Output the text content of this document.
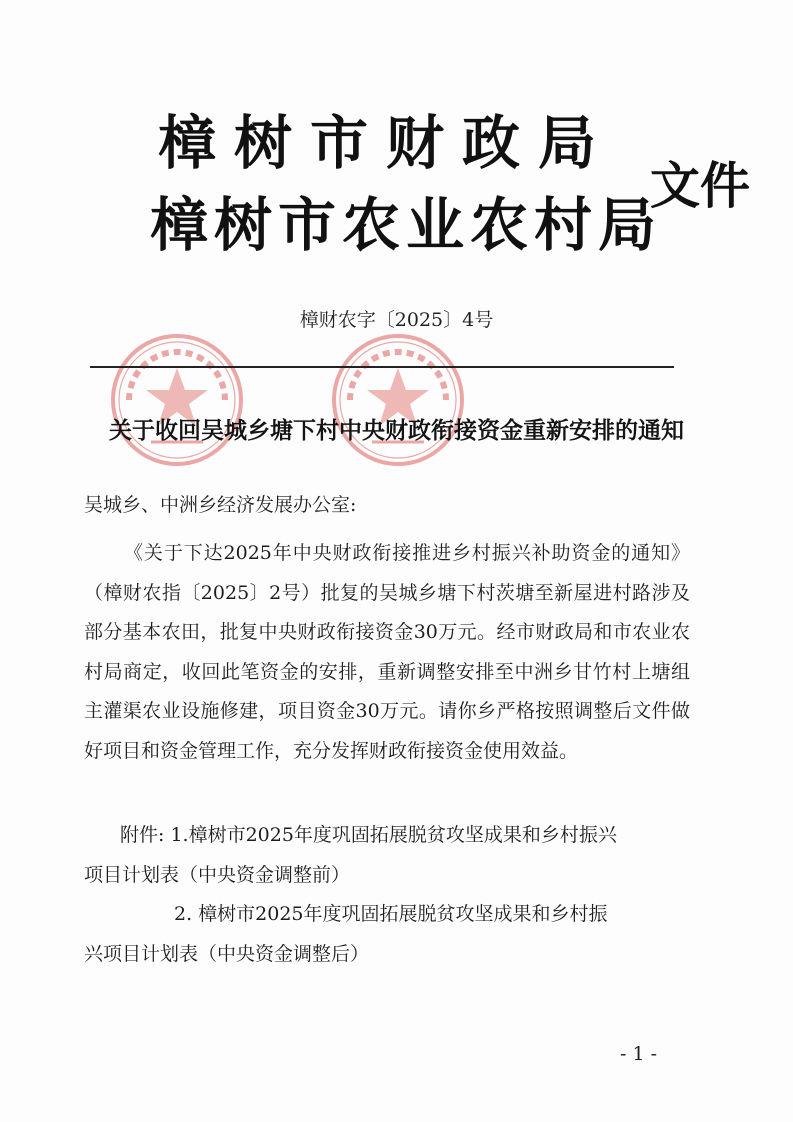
樟树市财政局
樟树市农业农村局
文件
樟财农字〔2025〕4号
关于收回吴城乡塘下村中央财政衔接资金重新安排的通知
吴城乡、中洲乡经济发展办公室:
《关于下达2025年中央财政衔接推进乡村振兴补助资金的通知》（樟财农指〔2025〕2号）批复的吴城乡塘下村茨塘至新屋进村路涉及部分基本农田，批复中央财政衔接资金30万元。经市财政局和市农业农村局商定，收回此笔资金的安排，重新调整安排至中洲乡甘竹村上塘组主灌渠农业设施修建，项目资金30万元。请你乡严格按照调整后文件做好项目和资金管理工作，充分发挥财政衔接资金使用效益。

附件: 1.樟树市2025年度巩固拓展脱贫攻坚成果和乡村振兴

项目计划表（中央资金调整前）

2. 樟树市2025年度巩固拓展脱贫攻坚成果和乡村振

兴项目计划表（中央资金调整后）

- 1 -
